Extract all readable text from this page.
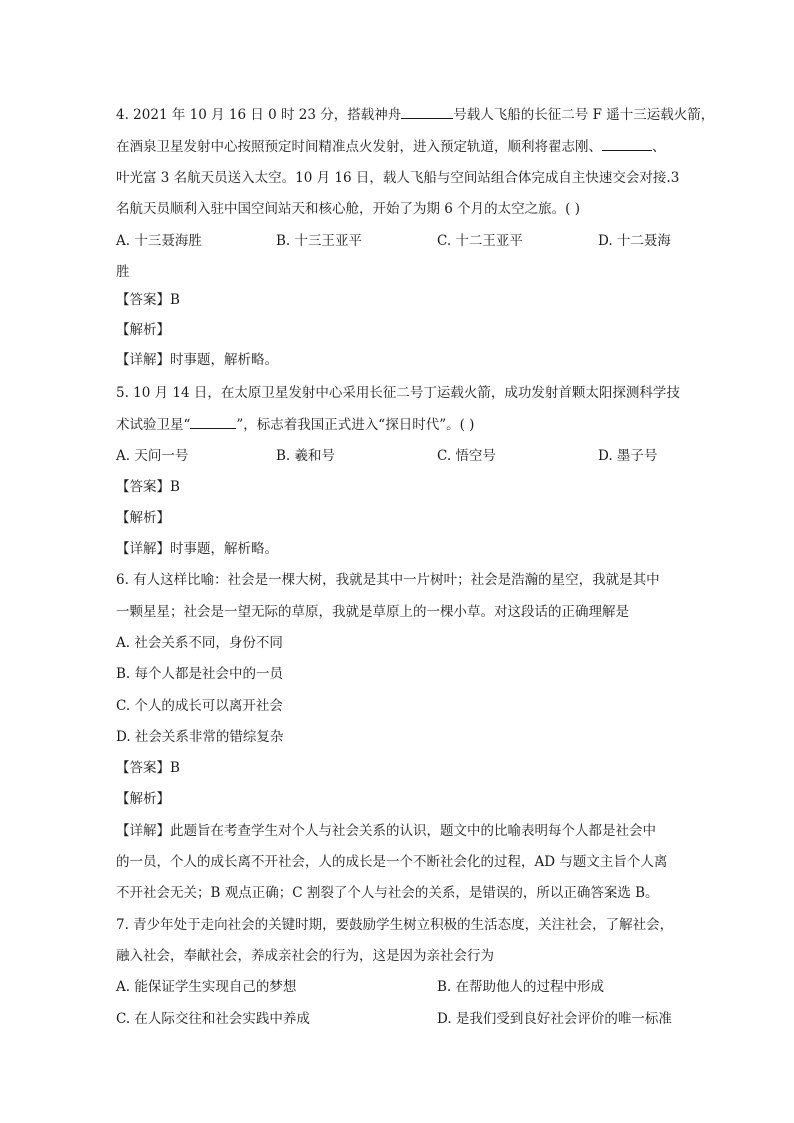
4. 2021 年 10 月 16 日 0 时 23 分，搭载神舟	号载人飞船的长征二号 F 遥十三运载火箭，
在酒泉卫星发射中心按照预定时间精准点火发射，进入预定轨道，顺利将翟志刚、	、
叶光富 3 名航天员送入太空。10 月 16 日，载人飞船与空间站组合体完成自主快速交会对接.3
名航天员顺利入驻中国空间站天和核心舱，开始了为期 6 个月的太空之旅。( )
A. 十三聂海胜	B. 十三王亚平	C. 十二王亚平	D. 十二聂海
胜
【答案】B
【解析】
【详解】时事题，解析略。
5. 10 月 14 日，在太原卫星发射中心采用长征二号丁运载火箭，成功发射首颗太阳探测科学技
术试验卫星“	”，标志着我国正式进入“探日时代”。( )
A. 天问一号	B. 羲和号	C. 悟空号	D. 墨子号
【答案】B
【解析】
【详解】时事题，解析略。
6. 有人这样比喻：社会是一棵大树，我就是其中一片树叶；社会是浩瀚的星空，我就是其中
一颗星星；社会是一望无际的草原，我就是草原上的一棵小草。对这段话的正确理解是
A. 社会关系不同，身份不同
B. 每个人都是社会中的一员
C. 个人的成长可以离开社会
D. 社会关系非常的错综复杂
【答案】B
【解析】
【详解】此题旨在考查学生对个人与社会关系的认识，题文中的比喻表明每个人都是社会中
的一员，个人的成长离不开社会，人的成长是一个不断社会化的过程，AD 与题文主旨个人离
不开社会无关；B 观点正确；C 割裂了个人与社会的关系，是错误的，所以正确答案选 B。
7. 青少年处于走向社会的关键时期，要鼓励学生树立积极的生活态度，关注社会，了解社会，
融入社会，奉献社会，养成亲社会的行为，这是因为亲社会行为
A. 能保证学生实现自己的梦想	B. 在帮助他人的过程中形成
C. 在人际交往和社会实践中养成	D. 是我们受到良好社会评价的唯一标准
